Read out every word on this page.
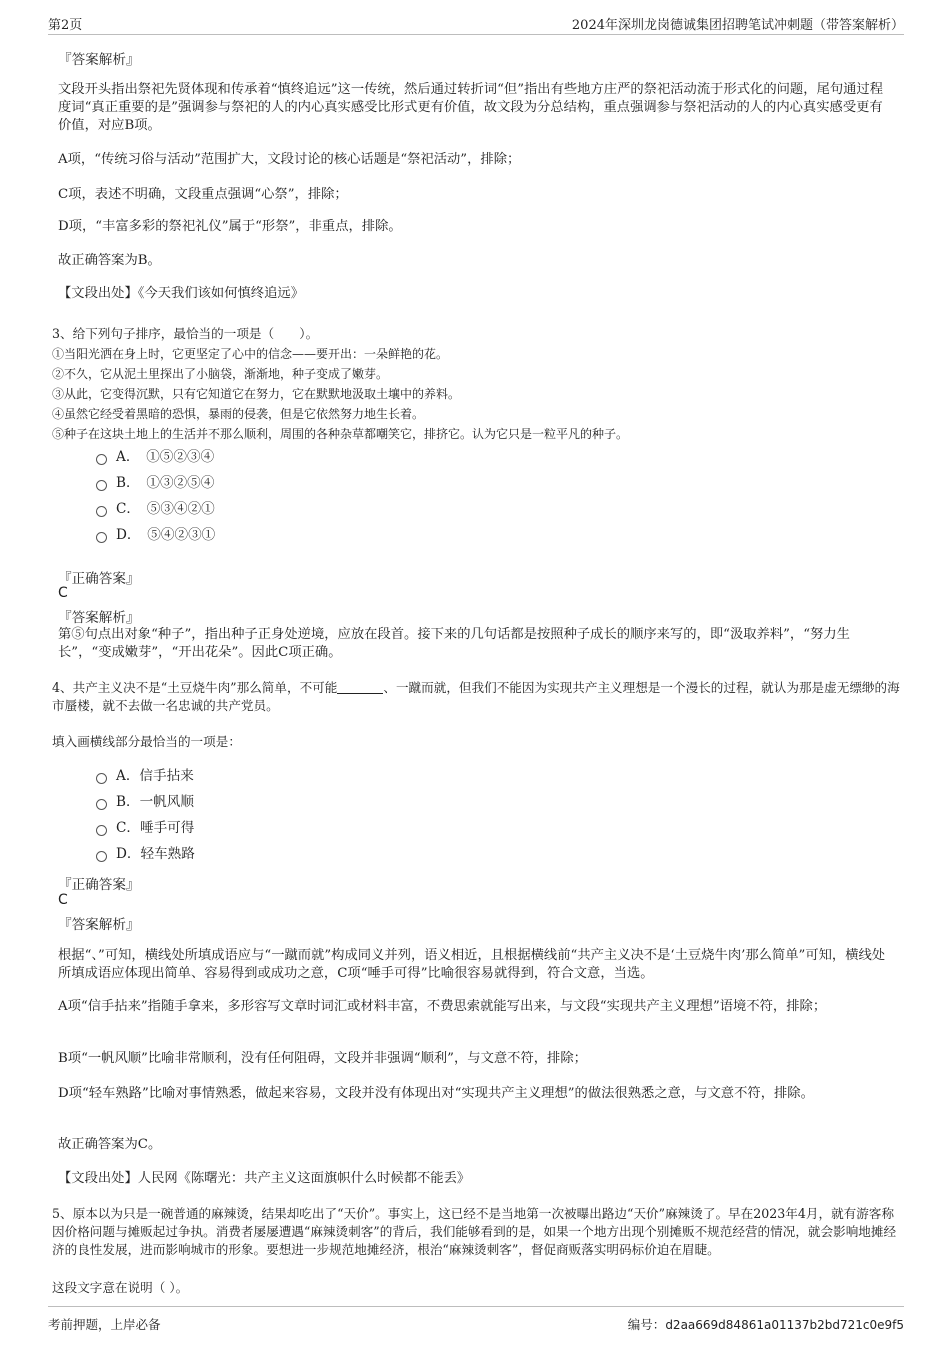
第2页	2024年深圳龙岗德诚集团招聘笔试冲刺题（带答案解析）
『答案解析』

文段开头指出祭祀先贤体现和传承着“慎终追远”这一传统，然后通过转折词“但”指出有些地方庄严的祭祀活动流于形式化的问题，尾句通过程度词“真正重要的是”强调参与祭祀的人的内心真实感受比形式更有价值，故文段为分总结构，重点强调参与祭祀活动的人的内心真实感受更有价值，对应B项。

A项，“传统习俗与活动”范围扩大，文段讨论的核心话题是“祭祀活动”，排除；

C项，表述不明确，文段重点强调“心祭”，排除；

D项，“丰富多彩的祭祀礼仪”属于“形祭”，非重点，排除。

故正确答案为B。

【文段出处】《今天我们该如何慎终追远》

3、给下列句子排序，最恰当的一项是（　　）。

①当阳光洒在身上时，它更坚定了心中的信念——要开出：一朵鲜艳的花。

②不久，它从泥土里探出了小脑袋，渐渐地，种子变成了嫩芽。

③从此，它变得沉默，只有它知道它在努力，它在默默地汲取土壤中的养料。

④虽然它经受着黑暗的恐惧，暴雨的侵袭，但是它依然努力地生长着。

⑤种子在这块土地上的生活并不那么顺利，周围的各种杂草都嘲笑它，排挤它。认为它只是一粒平凡的种子。

A．　①⑤②③④
B．　①③②⑤④
C．　⑤③④②①
D．　⑤④②③①
『正确答案』
C
『答案解析』

第⑤句点出对象“种子”，指出种子正身处逆境，应放在段首。接下来的几句话都是按照种子成长的顺序来写的，即“汲取养料”，“努力生长”，“变成嫩芽”，“开出花朵”。因此C项正确。

4、共产主义决不是“土豆烧牛肉”那么简单，不可能	、一蹴而就，但我们不能因为实现共产主义理想是一个漫长的过程，就认为那是虚无缥缈的海市蜃楼，就不去做一名忠诚的共产党员。

填入画横线部分最恰当的一项是：

A．信手拈来
B．一帆风顺
C．唾手可得
D．轻车熟路
『正确答案』
C
『答案解析』

根据“、”可知，横线处所填成语应与“一蹴而就”构成同义并列，语义相近，且根据横线前“共产主义决不是‘土豆烧牛肉’那么简单”可知，横线处所填成语应体现出简单、容易得到或成功之意，C项“唾手可得”比喻很容易就得到，符合文意，当选。

A项“信手拈来”指随手拿来，多形容写文章时词汇或材料丰富，不费思索就能写出来，与文段“实现共产主义理想”语境不符，排除；

B项“一帆风顺”比喻非常顺利，没有任何阻碍，文段并非强调“顺利”，与文意不符，排除；

D项“轻车熟路”比喻对事情熟悉，做起来容易，文段并没有体现出对“实现共产主义理想”的做法很熟悉之意，与文意不符，排除。

故正确答案为C。

【文段出处】人民网《陈曙光：共产主义这面旗帜什么时候都不能丢》

5、原本以为只是一碗普通的麻辣烫，结果却吃出了“天价”。事实上，这已经不是当地第一次被曝出路边“天价”麻辣烫了。早在2023年4月，就有游客称因价格问题与摊贩起过争执。消费者屡屡遭遇“麻辣烫刺客”的背后，我们能够看到的是，如果一个地方出现个别摊贩不规范经营的情况，就会影响地摊经济的良性发展，进而影响城市的形象。要想进一步规范地摊经济，根治“麻辣烫刺客”，督促商贩落实明码标价迫在眉睫。

这段文字意在说明（ ）。

考前押题，上岸必备	编号：d2aa669d84861a01137b2bd721c0e9f5
